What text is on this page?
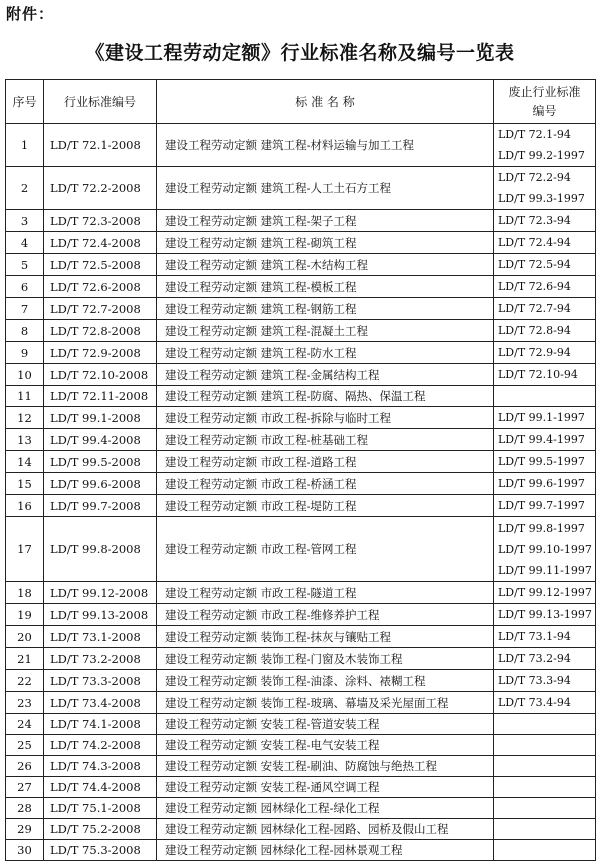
附件：
《建设工程劳动定额》行业标准名称及编号一览表
序号	行业标准编号	标 准 名 称	废止行业标准编号

1	LD/T 72.1-2008	建设工程劳动定额 建筑工程-材料运输与加工工程	LD/T 72.1-94
LD/T 99.2-1997

2	LD/T 72.2-2008	建设工程劳动定额 建筑工程-人工土石方工程	LD/T 72.2-94
LD/T 99.3-1997

3	LD/T 72.3-2008	建设工程劳动定额 建筑工程-架子工程	LD/T 72.3-94

4	LD/T 72.4-2008	建设工程劳动定额 建筑工程-砌筑工程	LD/T 72.4-94

5	LD/T 72.5-2008	建设工程劳动定额 建筑工程-木结构工程	LD/T 72.5-94

6	LD/T 72.6-2008	建设工程劳动定额 建筑工程-模板工程	LD/T 72.6-94

7	LD/T 72.7-2008	建设工程劳动定额 建筑工程-钢筋工程	LD/T 72.7-94

8	LD/T 72.8-2008	建设工程劳动定额 建筑工程-混凝土工程	LD/T 72.8-94

9	LD/T 72.9-2008	建设工程劳动定额 建筑工程-防水工程	LD/T 72.9-94

10	LD/T 72.10-2008	建设工程劳动定额 建筑工程-金属结构工程	LD/T 72.10-94

11	LD/T 72.11-2008	建设工程劳动定额 建筑工程-防腐、隔热、保温工程	
12	LD/T 99.1-2008	建设工程劳动定额 市政工程-拆除与临时工程	LD/T 99.1-1997

13	LD/T 99.4-2008	建设工程劳动定额 市政工程-桩基础工程	LD/T 99.4-1997

14	LD/T 99.5-2008	建设工程劳动定额 市政工程-道路工程	LD/T 99.5-1997

15	LD/T 99.6-2008	建设工程劳动定额 市政工程-桥涵工程	LD/T 99.6-1997

16	LD/T 99.7-2008	建设工程劳动定额 市政工程-堤防工程	LD/T 99.7-1997

17	LD/T 99.8-2008	建设工程劳动定额 市政工程-管网工程	LD/T 99.8-1997
LD/T 99.10-1997
LD/T 99.11-1997

18	LD/T 99.12-2008	建设工程劳动定额 市政工程-隧道工程	LD/T 99.12-1997

19	LD/T 99.13-2008	建设工程劳动定额 市政工程-维修养护工程	LD/T 99.13-1997

20	LD/T 73.1-2008	建设工程劳动定额 装饰工程-抹灰与镶贴工程	LD/T 73.1-94

21	LD/T 73.2-2008	建设工程劳动定额 装饰工程-门窗及木装饰工程	LD/T 73.2-94

22	LD/T 73.3-2008	建设工程劳动定额 装饰工程-油漆、涂料、裱糊工程	LD/T 73.3-94

23	LD/T 73.4-2008	建设工程劳动定额 装饰工程-玻璃、幕墙及采光屋面工程	LD/T 73.4-94

24	LD/T 74.1-2008	建设工程劳动定额 安装工程-管道安装工程	
25	LD/T 74.2-2008	建设工程劳动定额 安装工程-电气安装工程	
26	LD/T 74.3-2008	建设工程劳动定额 安装工程-刷油、防腐蚀与绝热工程	
27	LD/T 74.4-2008	建设工程劳动定额 安装工程-通风空调工程	
28	LD/T 75.1-2008	建设工程劳动定额 园林绿化工程-绿化工程	
29	LD/T 75.2-2008	建设工程劳动定额 园林绿化工程-园路、园桥及假山工程	
30	LD/T 75.3-2008	建设工程劳动定额 园林绿化工程-园林景观工程	
